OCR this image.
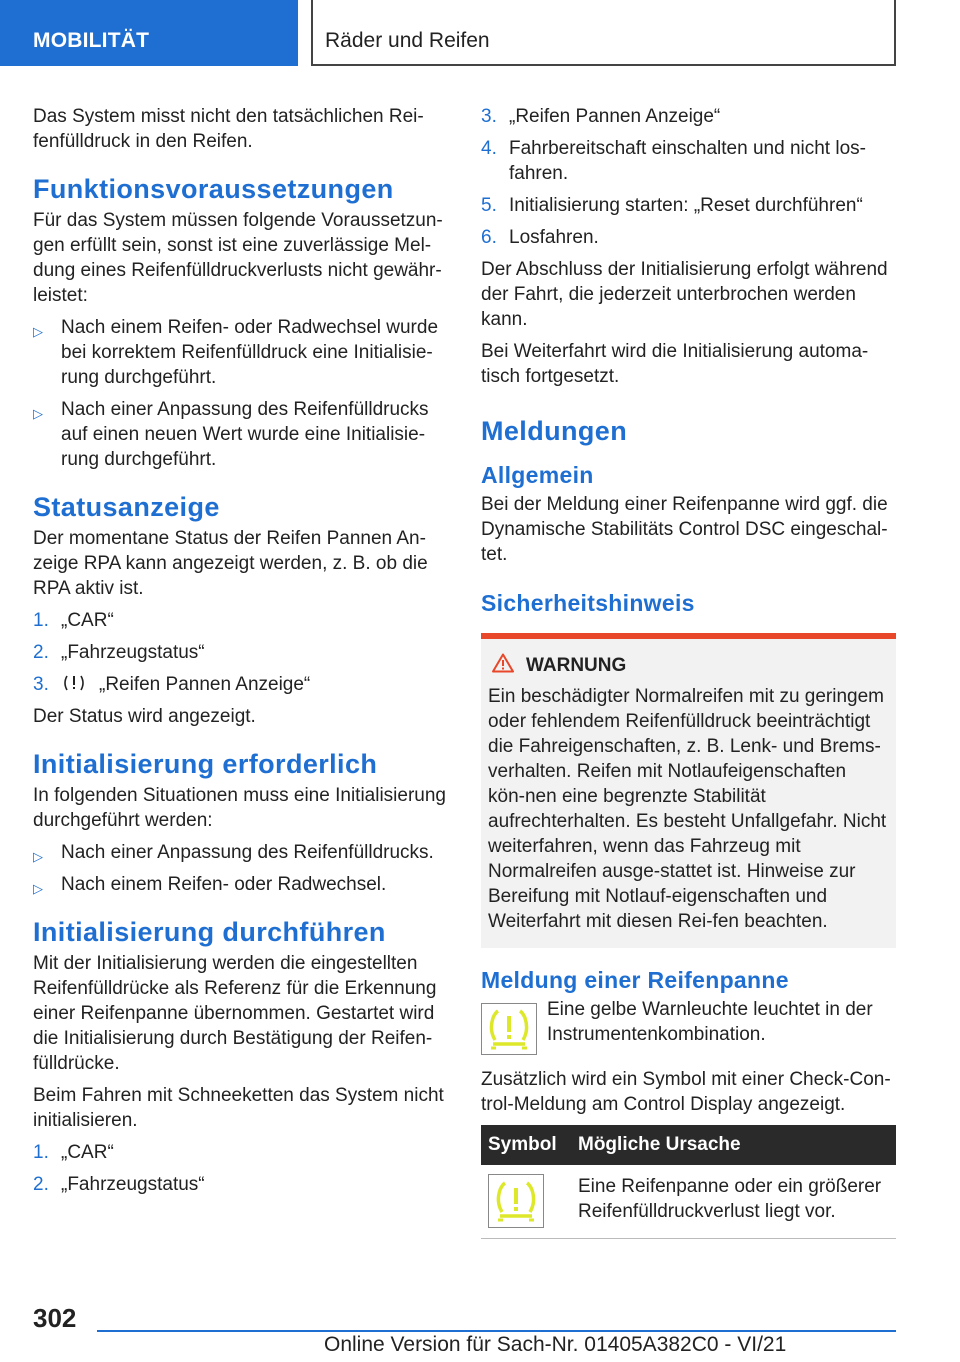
MOBILITÄT	Räder und Reifen

Das System misst nicht den tatsächlichen Rei-fenfülldruck in den Reifen.

Funktionsvoraussetzungen

Für das System müssen folgende Voraussetzun-gen erfüllt sein, sonst ist eine zuverlässige Mel-dung eines Reifenfülldruckverlusts nicht gewähr-leistet:

▷ Nach einem Reifen- oder Radwechsel wurde bei korrektem Reifenfülldruck eine Initialisie-rung durchgeführt.
▷ Nach einer Anpassung des Reifenfülldrucks auf einen neuen Wert wurde eine Initialisie-rung durchgeführt.
Statusanzeige

Der momentane Status der Reifen Pannen An-zeige RPA kann angezeigt werden, z. B. ob die RPA aktiv ist.

1. „CAR“
2. „Fahrzeugstatus“
3.	„Reifen Pannen Anzeige“

Der Status wird angezeigt.

Initialisierung erforderlich

In folgenden Situationen muss eine Initialisierung durchgeführt werden:

▷ Nach einer Anpassung des Reifenfülldrucks.
▷ Nach einem Reifen- oder Radwechsel.
Initialisierung durchführen

Mit der Initialisierung werden die eingestellten Reifenfülldrücke als Referenz für die Erkennung einer Reifenpanne übernommen. Gestartet wird die Initialisierung durch Bestätigung der Reifen-fülldrücke.

Beim Fahren mit Schneeketten das System nicht initialisieren.

1. „CAR“
2. „Fahrzeugstatus“
3. „Reifen Pannen Anzeige“
4. Fahrbereitschaft einschalten und nicht los-fahren.
5. Initialisierung starten: „Reset durchführen“
6. Losfahren.

Der Abschluss der Initialisierung erfolgt während der Fahrt, die jederzeit unterbrochen werden kann.

Bei Weiterfahrt wird die Initialisierung automa-tisch fortgesetzt.

Meldungen
Allgemein

Bei der Meldung einer Reifenpanne wird ggf. die Dynamische Stabilitäts Control DSC eingeschal-tet.

Sicherheitshinweis
WARNUNG

Ein beschädigter Normalreifen mit zu geringem oder fehlendem Reifenfülldruck beeinträchtigt die Fahreigenschaften, z. B. Lenk- und Brems-verhalten. Reifen mit Notlaufeigenschaften kön-nen eine begrenzte Stabilität aufrechterhalten. Es besteht Unfallgefahr. Nicht weiterfahren, wenn das Fahrzeug mit Normalreifen ausge-stattet ist. Hinweise zur Bereifung mit Notlauf-eigenschaften und Weiterfahrt mit diesen Rei-fen beachten.

Meldung einer Reifenpanne

Eine gelbe Warnleuchte leuchtet in der Instrumentenkombination.

Zusätzlich wird ein Symbol mit einer Check-Con-trol-Meldung am Control Display angezeigt.

Symbol	Mögliche Ursache

	Eine Reifenpanne oder ein größerer Reifenfülldruckverlust liegt vor.
302
Online Version für Sach-Nr. 01405A382C0 - VI/21
